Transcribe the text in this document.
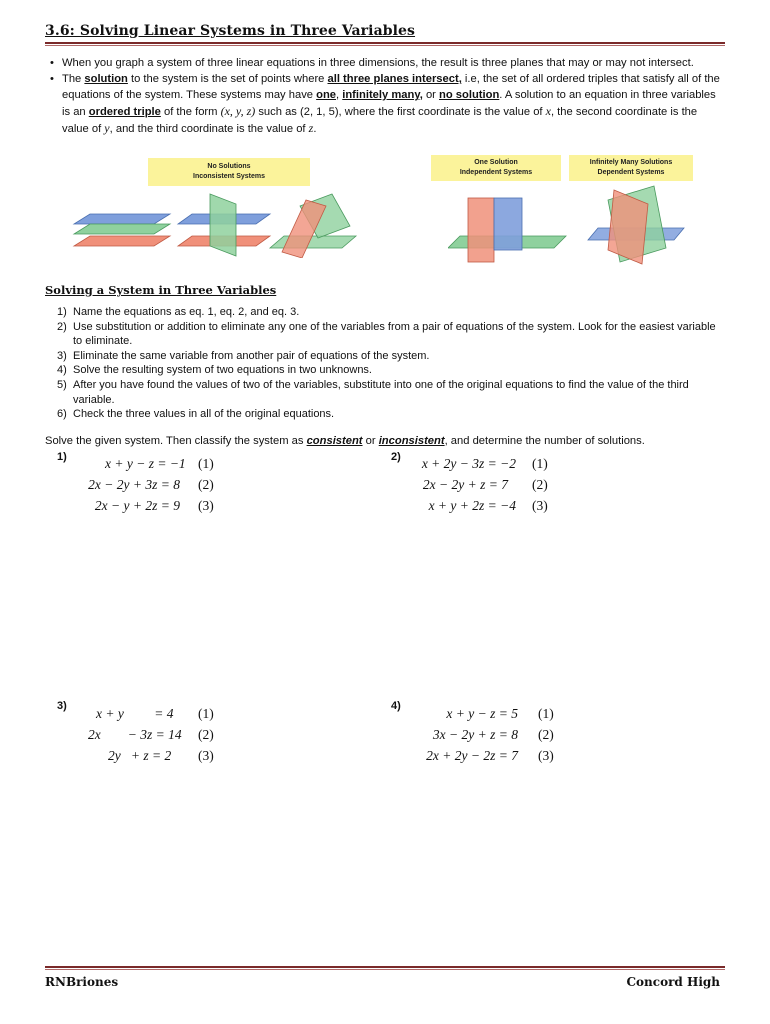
3.6: Solving Linear Systems in Three Variables
• When you graph a system of three linear equations in three dimensions, the result is three planes that may or may not intersect.
• The solution to the system is the set of points where all three planes intersect, i.e, the set of all ordered triples that satisfy all of the equations of the system. These systems may have one, infinitely many, or no solution. A solution to an equation in three variables is an ordered triple of the form (x, y, z) such as (2, 1, 5), where the first coordinate is the value of x, the second coordinate is the value of y, and the third coordinate is the value of z.
No Solutions
Inconsistent Systems
One Solution
Independent Systems
Infinitely Many Solutions
Dependent Systems
Solving a System in Three Variables
1) Name the equations as eq. 1, eq. 2, and eq. 3.
2) Use substitution or addition to eliminate any one of the variables from a pair of equations of the system. Look for the easiest variable to eliminate.
3) Eliminate the same variable from another pair of equations of the system.
4) Solve the resulting system of two equations in two unknowns.
5) After you have found the values of two of the variables, substitute into one of the original equations to find the value of the third variable.
6) Check the three values in all of the original equations.
Solve the given system. Then classify the system as consistent or inconsistent, and determine the number of solutions.
1)	x + y − z = −1 (1)
2x − 2y + 3z = 8 (2)
2x − y + 2z = 9 (3)
2) x + 2y − 3z = −2 (1)
2x − 2y + z = 7 (2)
x + y + 2z = −4 (3)
3) x + y         = 4 (1)
2x        − 3z = 14 (2)
2y   + z = 2 (3)
4)	x + y − z = 5 (1)
3x − 2y + z = 8 (2)
2x + 2y − 2z = 7 (3)
RNBriones	Concord High
